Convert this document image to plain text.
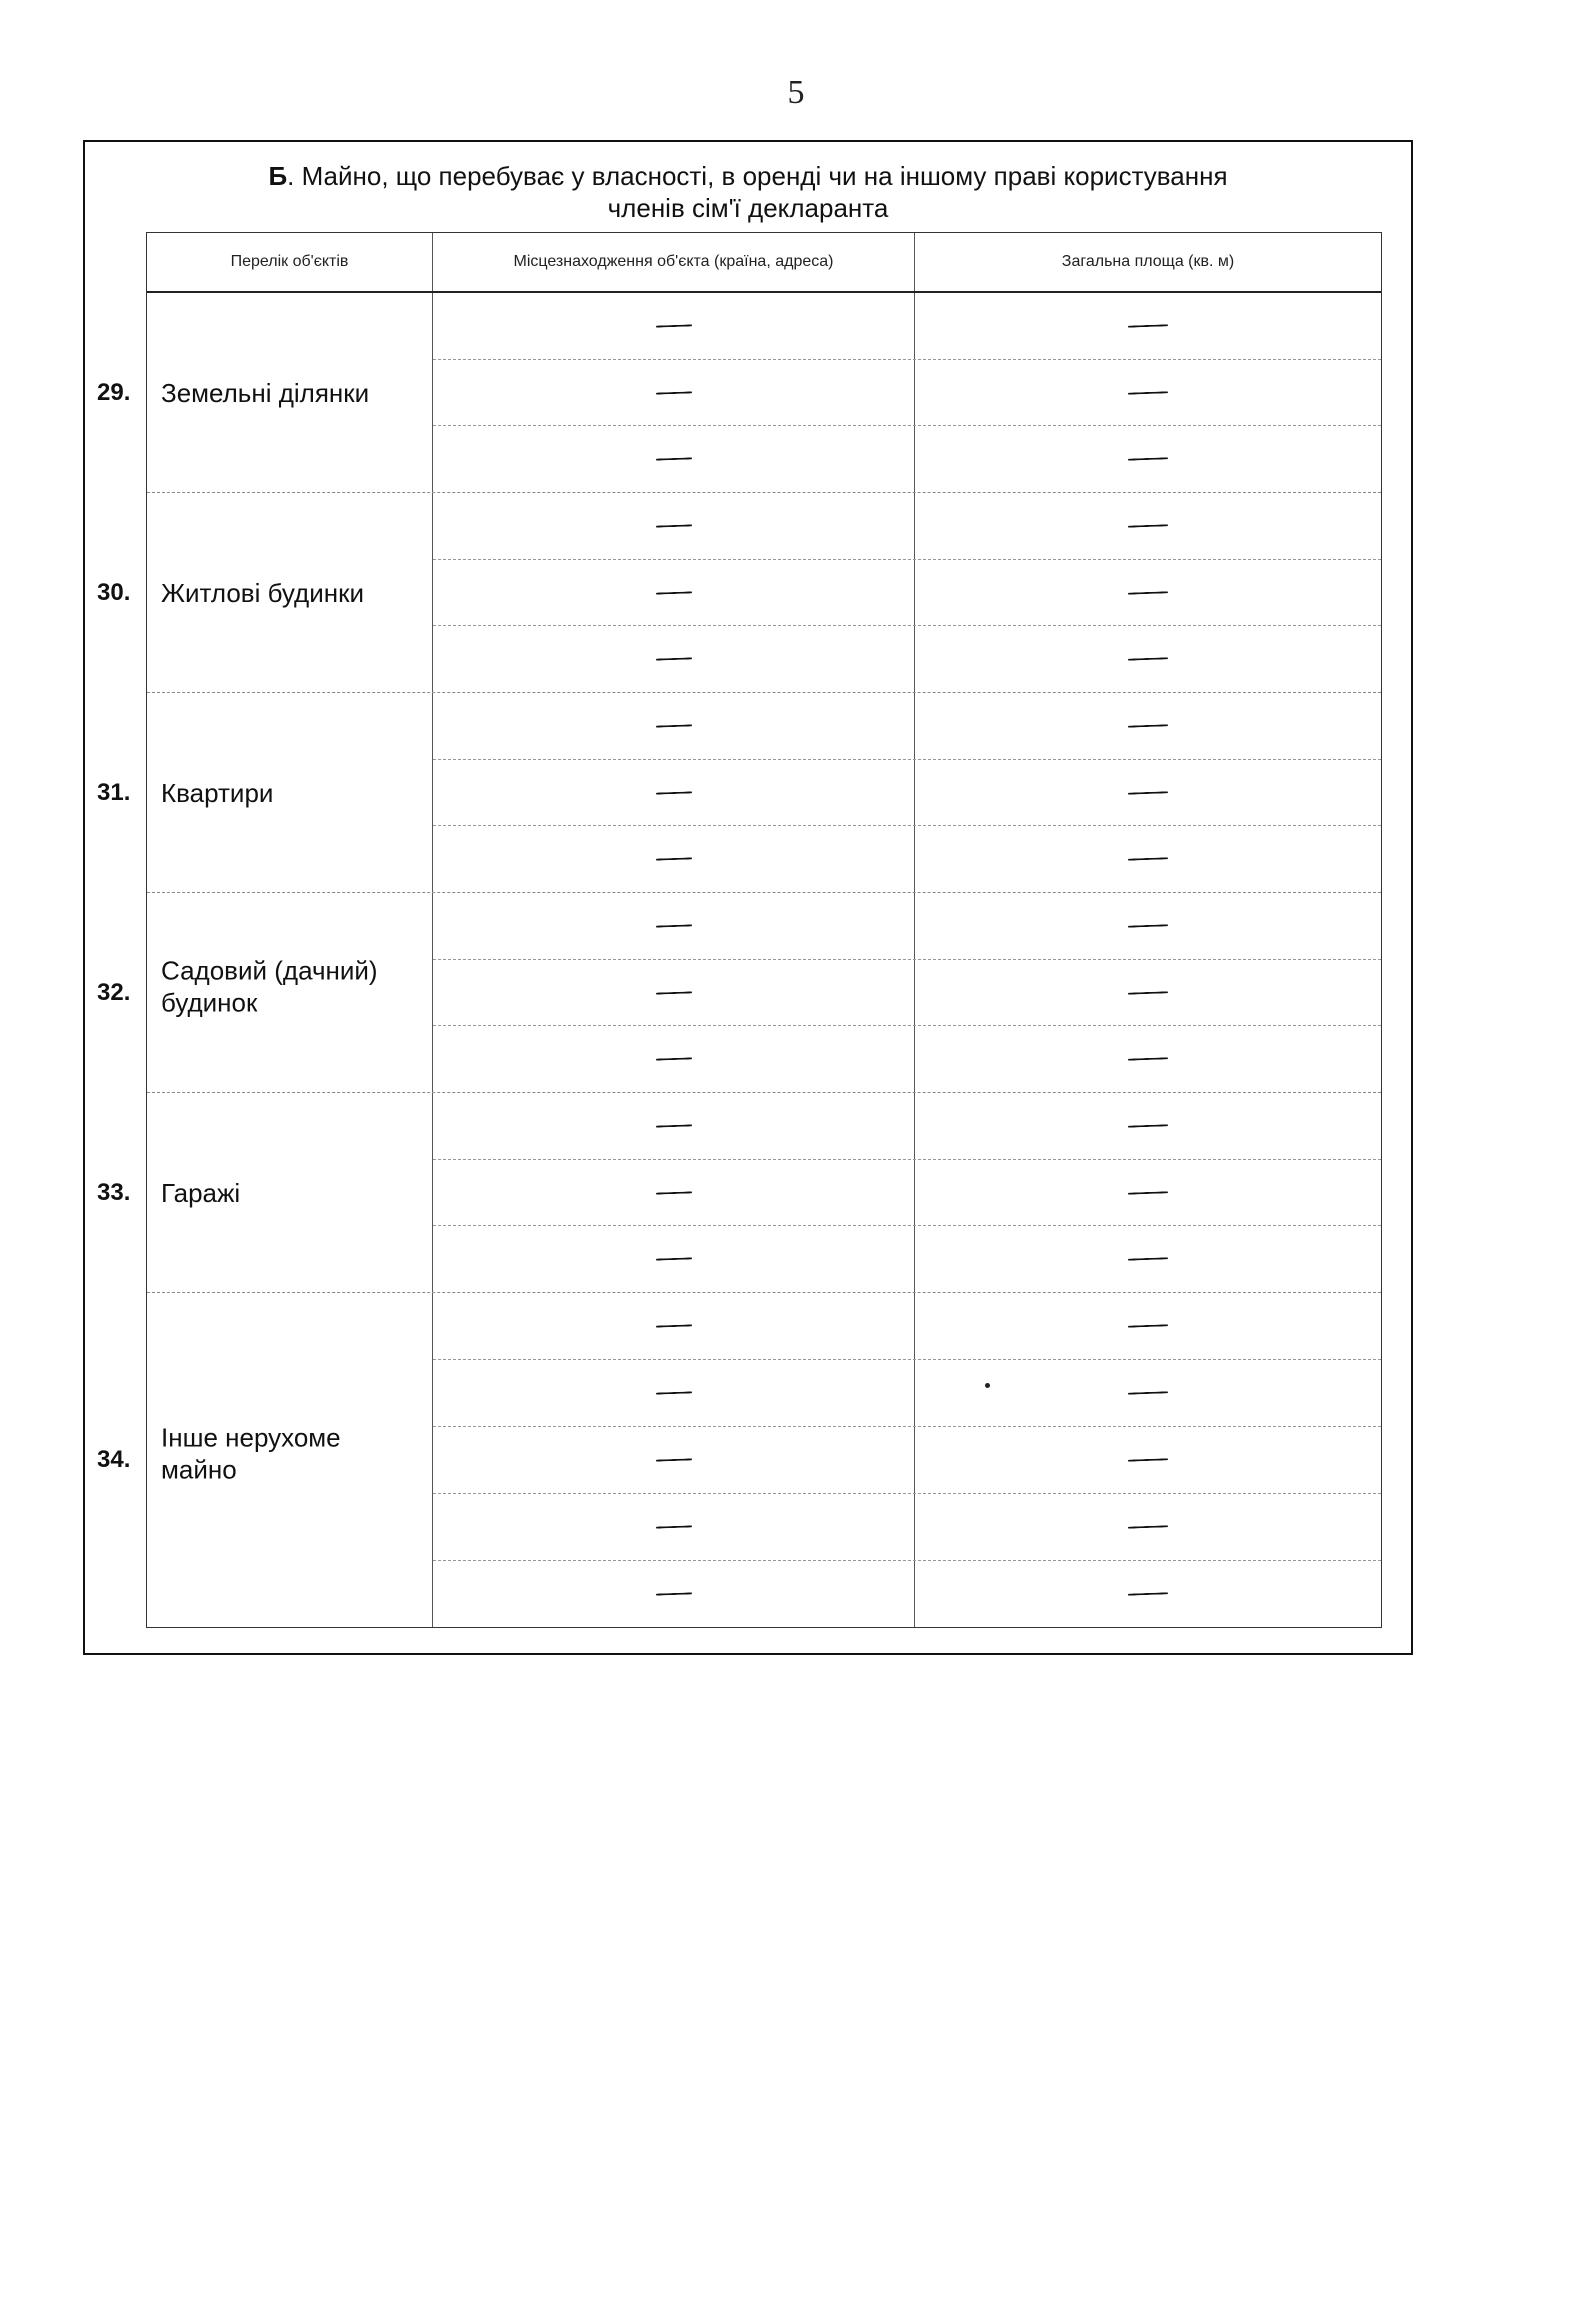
5
Б. Майно, що перебуває у власності, в оренді чи на іншому праві користування
членів сім'ї декларанта
Перелік об'єктів	Місцезнаходження об'єкта (країна, адреса)	Загальна площа (кв. м)
29. Земельні ділянки
30. Житлові будинки
31. Квартири
32.
Садовий (дачний) будинок
33. Гаражі
34.
Інше нерухоме майно
